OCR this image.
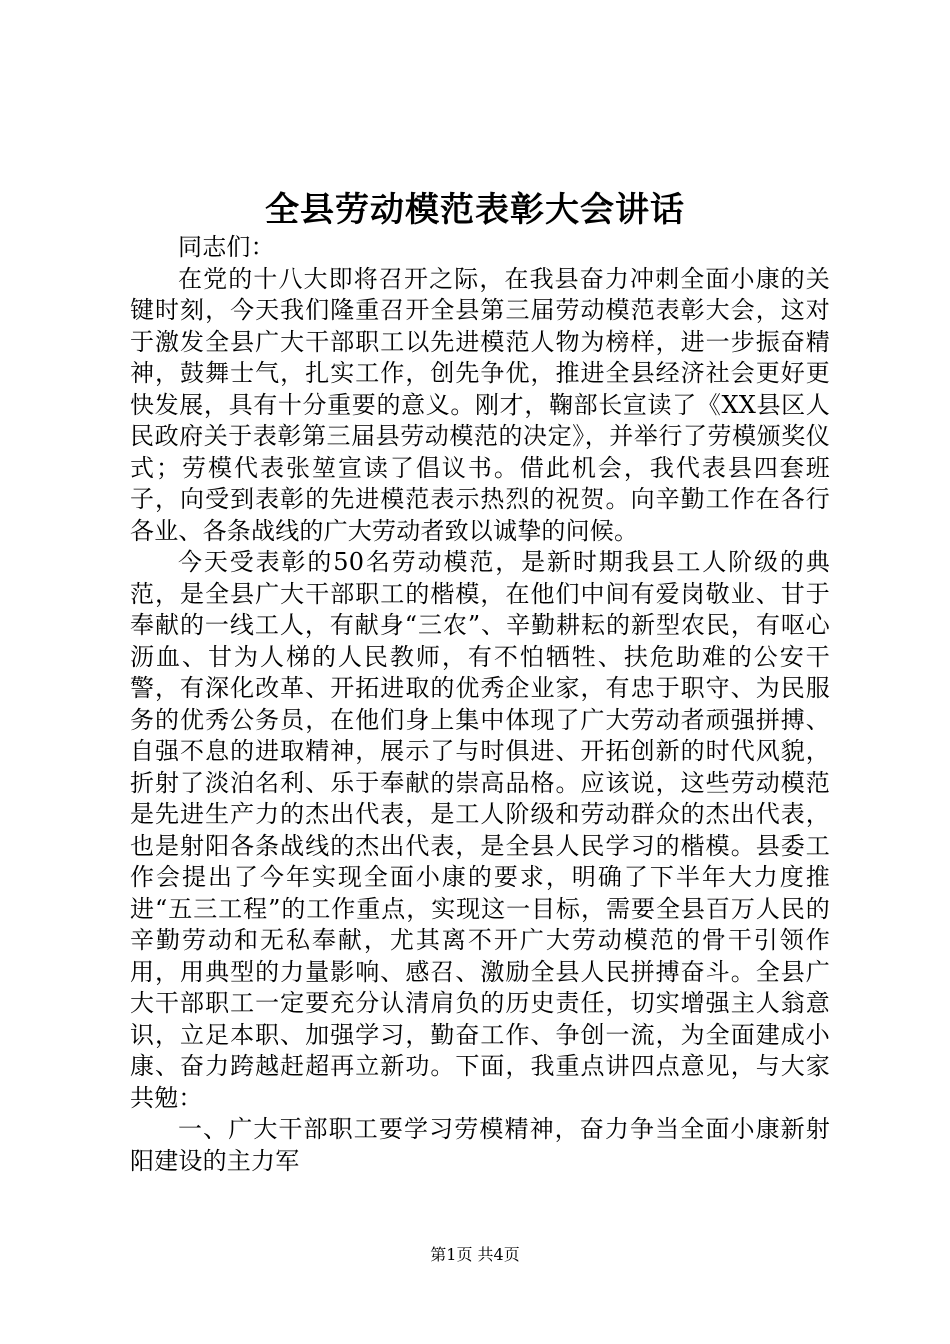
全县劳动模范表彰大会讲话

同志们：

在党的十八大即将召开之际，在我县奋力冲刺全面小康的关键时刻，今天我们隆重召开全县第三届劳动模范表彰大会，这对于激发全县广大干部职工以先进模范人物为榜样，进一步振奋精神，鼓舞士气，扎实工作，创先争优，推进全县经济社会更好更快发展，具有十分重要的意义。刚才，鞠部长宣读了《XX县区人民政府关于表彰第三届县劳动模范的决定》，并举行了劳模颁奖仪式；劳模代表张堃宣读了倡议书。借此机会，我代表县四套班子，向受到表彰的先进模范表示热烈的祝贺。向辛勤工作在各行各业、各条战线的广大劳动者致以诚挚的问候。

今天受表彰的50名劳动模范，是新时期我县工人阶级的典范，是全县广大干部职工的楷模，在他们中间有爱岗敬业、甘于奉献的一线工人，有献身“三农”、辛勤耕耘的新型农民，有呕心沥血、甘为人梯的人民教师，有不怕牺牲、扶危助难的公安干警，有深化改革、开拓进取的优秀企业家，有忠于职守、为民服务的优秀公务员，在他们身上集中体现了广大劳动者顽强拼搏、自强不息的进取精神，展示了与时俱进、开拓创新的时代风貌，折射了淡泊名利、乐于奉献的崇高品格。应该说，这些劳动模范是先进生产力的杰出代表，是工人阶级和劳动群众的杰出代表，也是射阳各条战线的杰出代表，是全县人民学习的楷模。县委工作会提出了今年实现全面小康的要求，明确了下半年大力度推进“五三工程”的工作重点，实现这一目标，需要全县百万人民的辛勤劳动和无私奉献，尤其离不开广大劳动模范的骨干引领作用，用典型的力量影响、感召、激励全县人民拼搏奋斗。全县广大干部职工一定要充分认清肩负的历史责任，切实增强主人翁意识，立足本职、加强学习，勤奋工作、争创一流，为全面建成小康、奋力跨越赶超再立新功。下面，我重点讲四点意见，与大家共勉：

一、广大干部职工要学习劳模精神，奋力争当全面小康新射阳建设的主力军

第1页 共4页
